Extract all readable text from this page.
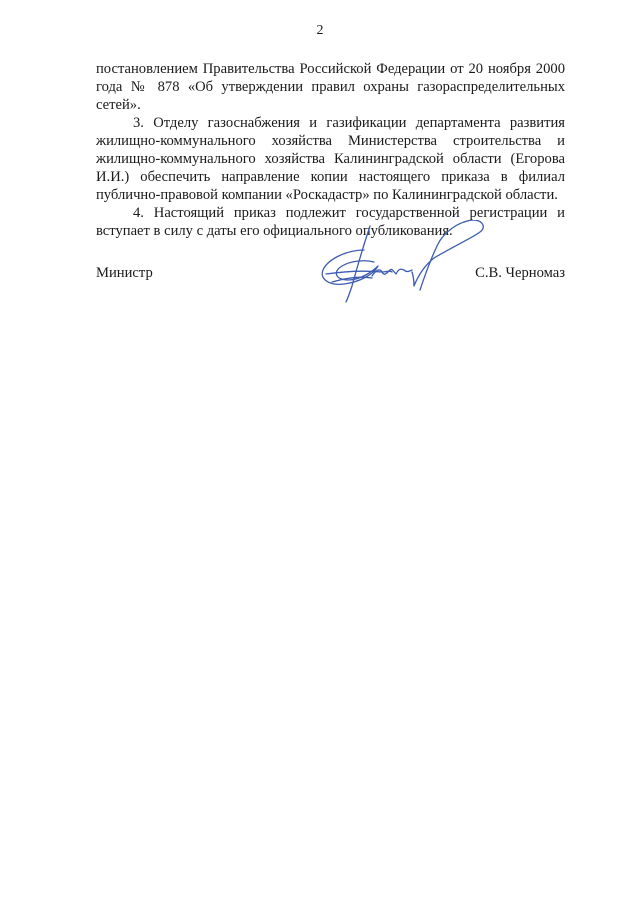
2

постановлением Правительства Российской Федерации от 20 ноября 2000 года № 878 «Об утверждении правил охраны газораспределительных сетей».

3. Отделу газоснабжения и газификации департамента развития жилищно-коммунального хозяйства Министерства строительства и жилищно-коммунального хозяйства Калининградской области (Егорова И.И.) обеспечить направление копии настоящего приказа в филиал публично-правовой компании «Роскадастр» по Калининградской области.

4. Настоящий приказ подлежит государственной регистрации и вступает в силу с даты его официального опубликования.

Министр	С.В. Черномаз
